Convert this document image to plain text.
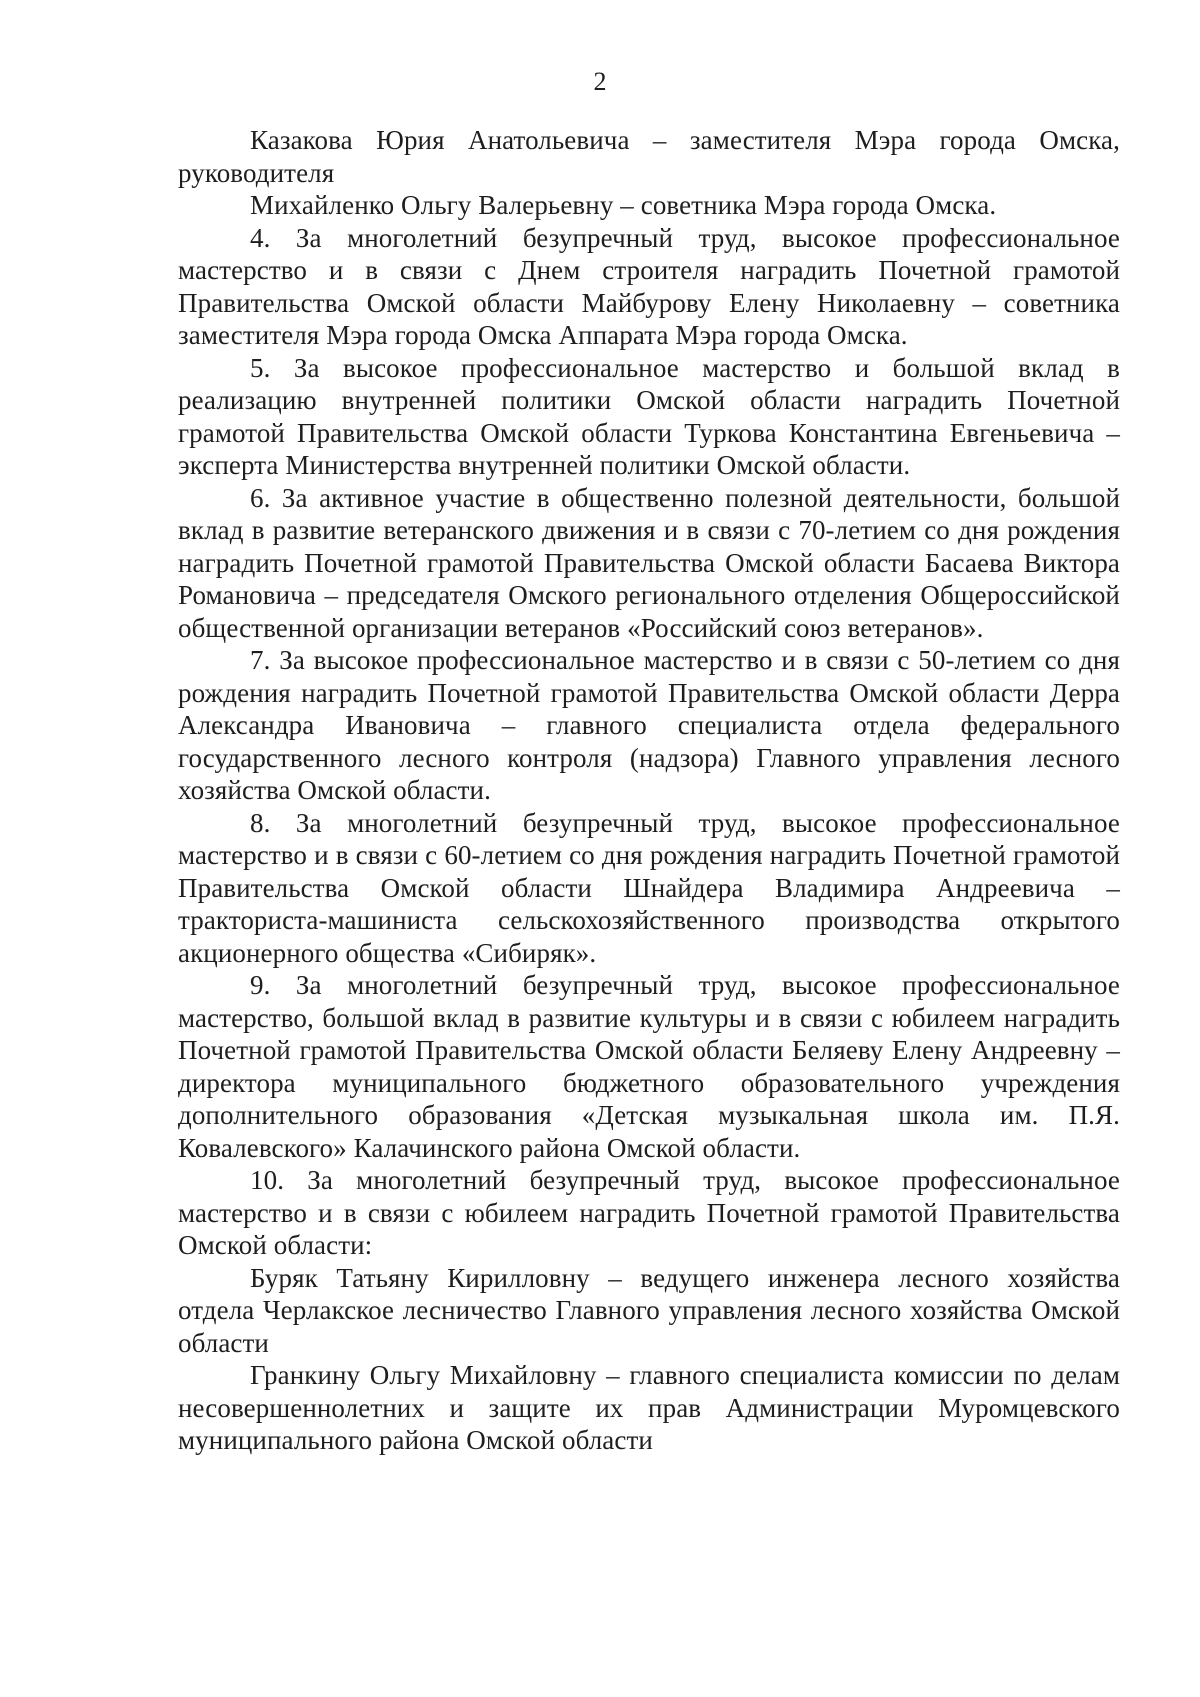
2

Казакова Юрия Анатольевича – заместителя Мэра города Омска, руководителя

Михайленко Ольгу Валерьевну – советника Мэра города Омска.

4. За многолетний безупречный труд, высокое профессиональное мастерство и в связи с Днем строителя наградить Почетной грамотой Правительства Омской области Майбурову Елену Николаевну – советника заместителя Мэра города Омска Аппарата Мэра города Омска.

5. За высокое профессиональное мастерство и большой вклад в реализацию внутренней политики Омской области наградить Почетной грамотой Правительства Омской области Туркова Константина Евгеньевича – эксперта Министерства внутренней политики Омской области.

6. За активное участие в общественно полезной деятельности, большой вклад в развитие ветеранского движения и в связи с 70-летием со дня рождения наградить Почетной грамотой Правительства Омской области Басаева Виктора Романовича – председателя Омского регионального отделения Общероссийской общественной организации ветеранов «Российский союз ветеранов».

7. За высокое профессиональное мастерство и в связи с 50-летием со дня рождения наградить Почетной грамотой Правительства Омской области Дерра Александра Ивановича – главного специалиста отдела федерального государственного лесного контроля (надзора) Главного управления лесного хозяйства Омской области.

8. За многолетний безупречный труд, высокое профессиональное мастерство и в связи с 60-летием со дня рождения наградить Почетной грамотой Правительства Омской области Шнайдера Владимира Андреевича – тракториста-машиниста сельскохозяйственного производства открытого акционерного общества «Сибиряк».

9. За многолетний безупречный труд, высокое профессиональное мастерство, большой вклад в развитие культуры и в связи с юбилеем наградить Почетной грамотой Правительства Омской области Беляеву Елену Андреевну – директора муниципального бюджетного образовательного учреждения дополнительного образования «Детская музыкальная школа им. П.Я. Ковалевского» Калачинского района Омской области.

10. За многолетний безупречный труд, высокое профессиональное мастерство и в связи с юбилеем наградить Почетной грамотой Правительства Омской области:

Буряк Татьяну Кирилловну – ведущего инженера лесного хозяйства отдела Черлакское лесничество Главного управления лесного хозяйства Омской области

Гранкину Ольгу Михайловну – главного специалиста комиссии по делам несовершеннолетних и защите их прав Администрации Муромцевского муниципального района Омской области
